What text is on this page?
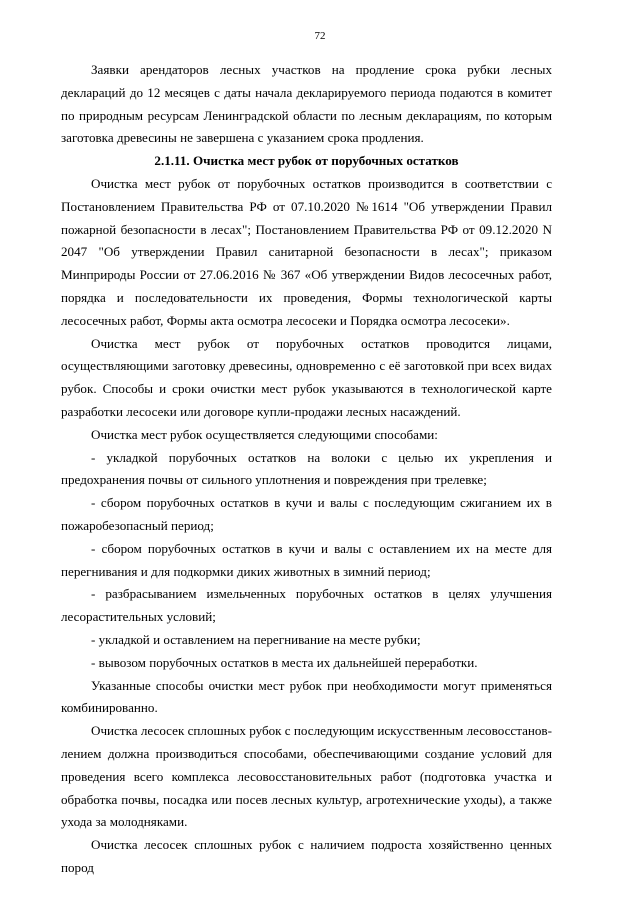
72

Заявки арендаторов лесных участков на продление срока рубки лесных деклараций до 12 месяцев с даты начала декларируемого периода подаются в комитет по природным ресурсам Ленинградской области по лесным декларациям, по которым заготовка древесины не завершена с указанием срока продления.

2.1.11. Очистка мест рубок от порубочных остатков

Очистка мест рубок от порубочных остатков производится в соответствии с Постановлением Правительства РФ от 07.10.2020 №1614 "Об утверждении Правил пожарной безопасности в лесах"; Постановлением Правительства РФ от 09.12.2020 N 2047 "Об утверждении Правил санитарной безопасности в лесах"; приказом Минприроды России от 27.06.2016 № 367 «Об утверждении Видов лесосечных работ, порядка и последовательности их проведения, Формы технологической карты лесосечных работ, Формы акта осмотра лесосеки и Порядка осмотра лесосеки».

Очистка мест рубок от порубочных остатков проводится лицами, осуществляющими заготовку древесины, одновременно с её заготовкой при всех видах рубок. Способы и сроки очистки мест рубок указываются в технологической карте разработки лесосеки или договоре купли-продажи лесных насаждений.

Очистка мест рубок осуществляется следующими способами:

- укладкой порубочных остатков на волоки с целью их укрепления и предохранения почвы от сильного уплотнения и повреждения при трелевке;

- сбором порубочных остатков в кучи и валы с последующим сжиганием их в пожаробезопасный период;

- сбором порубочных остатков в кучи и валы с оставлением их на месте для перегнивания и для подкормки диких животных в зимний период;

- разбрасыванием измельченных порубочных остатков в целях улучшения лесорастительных условий;

- укладкой и оставлением на перегнивание на месте рубки;

- вывозом порубочных остатков в места их дальнейшей переработки.

Указанные способы очистки мест рубок при необходимости могут применяться комбинированно.

Очистка лесосек сплошных рубок с последующим искусственным лесовосстановлением должна производиться способами, обеспечивающими создание условий для проведения всего комплекса лесовосстановительных работ (подготовка участка и обработка почвы, посадка или посев лесных культур, агротехнические уходы), а также ухода за молодняками.

Очистка лесосек сплошных рубок с наличием подроста хозяйственно ценных пород
